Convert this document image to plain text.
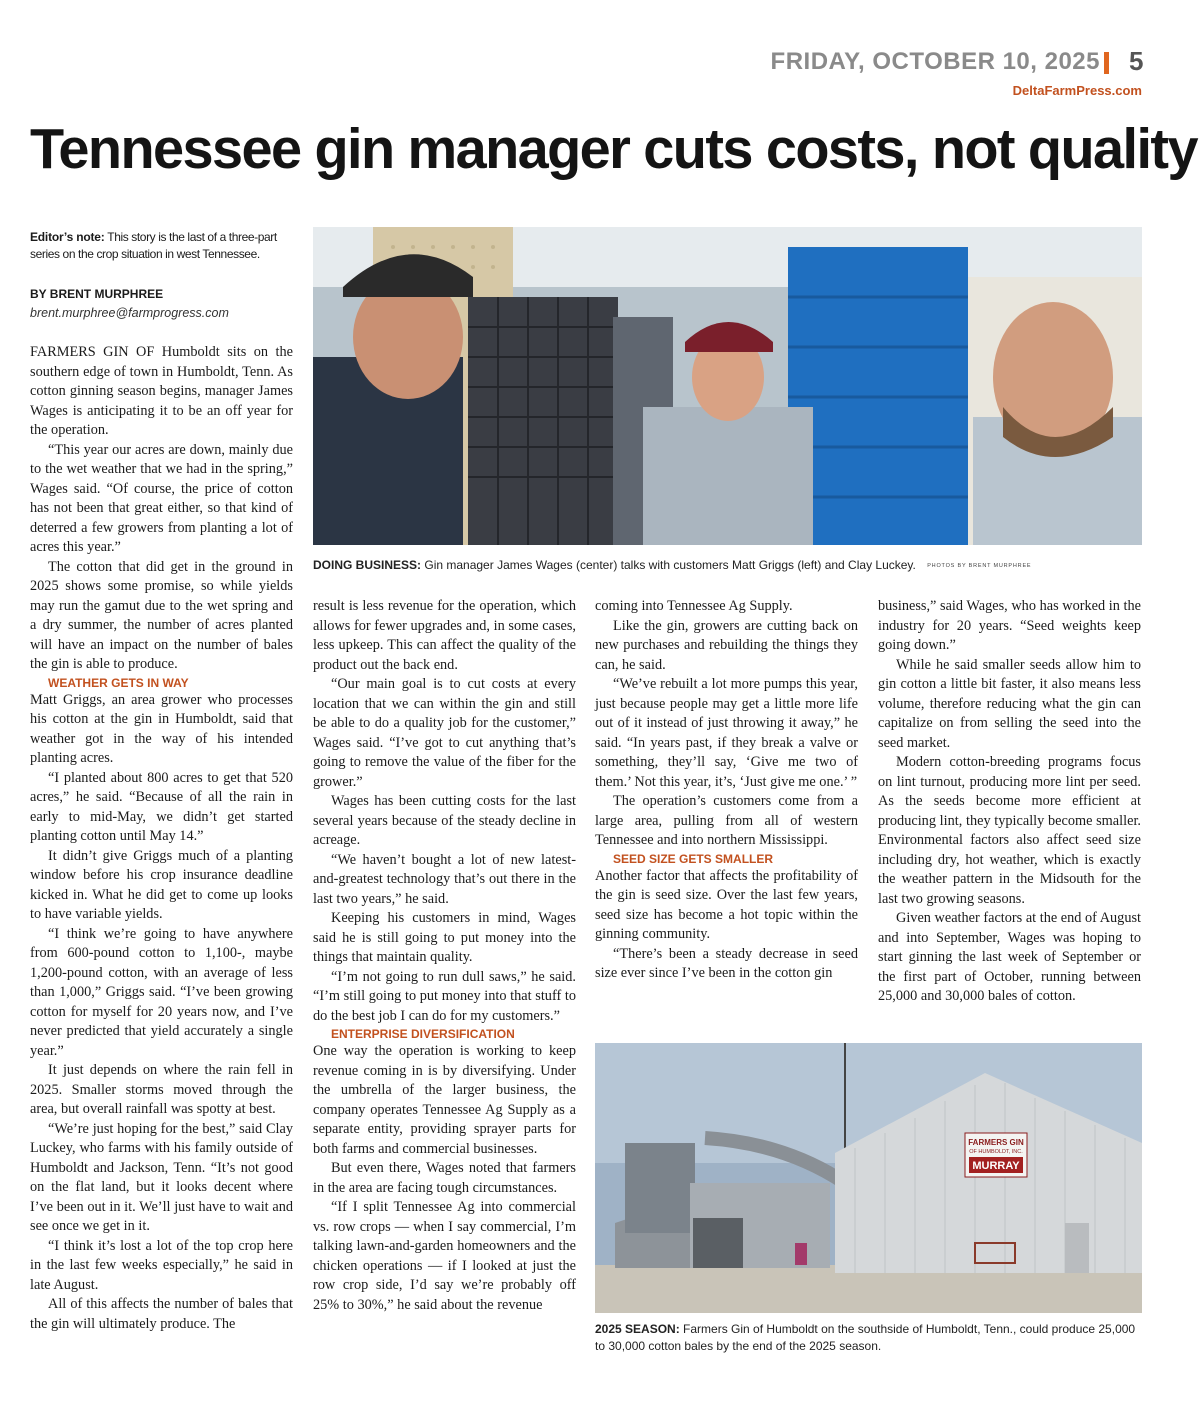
FRIDAY, OCTOBER 10, 2025 5
DeltaFarmPress.com
Tennessee gin manager cuts costs, not quality
Editor’s note: This story is the last of a three-part series on the crop situation in west Tennessee.
BY BRENT MURPHREE
brent.murphree@farmprogress.com
DOING BUSINESS: Gin manager James Wages (center) talks with customers Matt Griggs (left) and Clay Luckey. PHOTOS BY BRENT MURPHREE

FARMERS GIN OF Humboldt sits on the southern edge of town in Humboldt, Tenn. As cotton ginning season begins, manager James Wages is anticipating it to be an off year for the operation.

“This year our acres are down, mainly due to the wet weather that we had in the spring,” Wages said. “Of course, the price of cotton has not been that great either, so that kind of deterred a few growers from planting a lot of acres this year.”

The cotton that did get in the ground in 2025 shows some promise, so while yields may run the gamut due to the wet spring and a dry summer, the number of acres planted will have an impact on the number of bales the gin is able to produce.

WEATHER GETS IN WAY

Matt Griggs, an area grower who processes his cotton at the gin in Humboldt, said that weather got in the way of his intended planting acres.

“I planted about 800 acres to get that 520 acres,” he said. “Because of all the rain in early to mid-May, we didn’t get started planting cotton until May 14.”

It didn’t give Griggs much of a planting window before his crop insurance deadline kicked in. What he did get to come up looks to have variable yields.

“I think we’re going to have anywhere from 600-pound cotton to 1,100-, maybe 1,200-pound cotton, with an average of less than 1,000,” Griggs said. “I’ve been growing cotton for myself for 20 years now, and I’ve never predicted that yield accurately a single year.”

It just depends on where the rain fell in 2025. Smaller storms moved through the area, but overall rainfall was spotty at best.

“We’re just hoping for the best,” said Clay Luckey, who farms with his family outside of Humboldt and Jackson, Tenn. “It’s not good on the flat land, but it looks decent where I’ve been out in it. We’ll just have to wait and see once we get in it.

“I think it’s lost a lot of the top crop here in the last few weeks especially,” he said in late August.

All of this affects the number of bales that the gin will ultimately produce. The

result is less revenue for the operation, which allows for fewer upgrades and, in some cases, less upkeep. This can affect the quality of the product out the back end.

“Our main goal is to cut costs at every location that we can within the gin and still be able to do a quality job for the customer,” Wages said. “I’ve got to cut anything that’s going to remove the value of the fiber for the grower.”

Wages has been cutting costs for the last several years because of the steady decline in acreage.

“We haven’t bought a lot of new latest-and-greatest technology that’s out there in the last two years,” he said.

Keeping his customers in mind, Wages said he is still going to put money into the things that maintain quality.

“I’m not going to run dull saws,” he said. “I’m still going to put money into that stuff to do the best job I can do for my customers.”

ENTERPRISE DIVERSIFICATION

One way the operation is working to keep revenue coming in is by diversifying. Under the umbrella of the larger business, the company operates Tennessee Ag Supply as a separate entity, providing sprayer parts for both farms and commercial businesses.

But even there, Wages noted that farmers in the area are facing tough circumstances.

“If I split Tennessee Ag into commercial vs. row crops — when I say commercial, I’m talking lawn-and-garden homeowners and the chicken operations — if I looked at just the row crop side, I’d say we’re probably off 25% to 30%,” he said about the revenue

coming into Tennessee Ag Supply.

Like the gin, growers are cutting back on new purchases and rebuilding the things they can, he said.

“We’ve rebuilt a lot more pumps this year, just because people may get a little more life out of it instead of just throwing it away,” he said. “In years past, if they break a valve or something, they’ll say, ‘Give me two of them.’ Not this year, it’s, ‘Just give me one.’ ”

The operation’s customers come from a large area, pulling from all of western Tennessee and into northern Mississippi.

SEED SIZE GETS SMALLER

Another factor that affects the profitability of the gin is seed size. Over the last few years, seed size has become a hot topic within the ginning community.

“There’s been a steady decrease in seed size ever since I’ve been in the cotton gin

business,” said Wages, who has worked in the industry for 20 years. “Seed weights keep going down.”

While he said smaller seeds allow him to gin cotton a little bit faster, it also means less volume, therefore reducing what the gin can capitalize on from selling the seed into the seed market.

Modern cotton-breeding programs focus on lint turnout, producing more lint per seed. As the seeds become more efficient at producing lint, they typically become smaller. Environmental factors also affect seed size including dry, hot weather, which is exactly the weather pattern in the Midsouth for the last two growing seasons.

Given weather factors at the end of August and into September, Wages was hoping to start ginning the last week of September or the first part of October, running between 25,000 and 30,000 bales of cotton.

FARMERS GIN
OF HUMBOLDT, INC.
MURRAY
2025 SEASON: Farmers Gin of Humboldt on the southside of Humboldt, Tenn., could produce 25,000 to 30,000 cotton bales by the end of the 2025 season.
